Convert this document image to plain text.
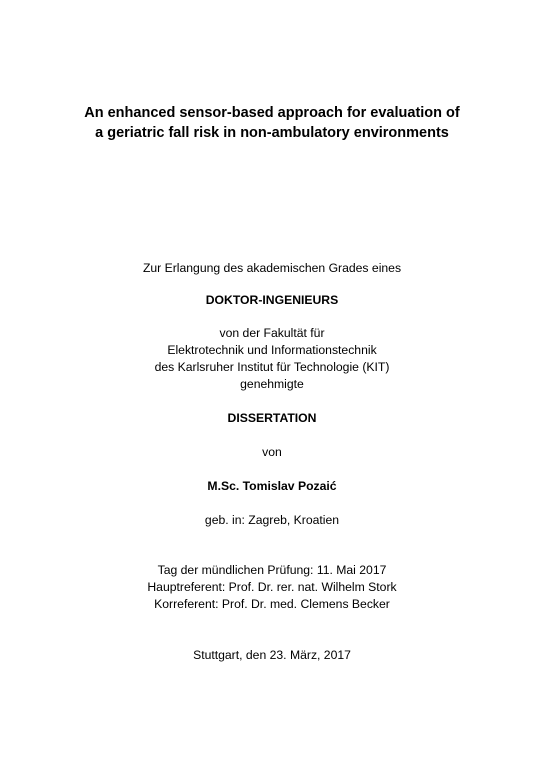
An enhanced sensor-based approach for evaluation of
a geriatric fall risk in non-ambulatory environments
Zur Erlangung des akademischen Grades eines
DOKTOR-INGENIEURS
von der Fakultät für
Elektrotechnik und Informationstechnik
des Karlsruher Institut für Technologie (KIT)
genehmigte
DISSERTATION
von
M.Sc. Tomislav Pozaić
geb. in: Zagreb, Kroatien
Tag der mündlichen Prüfung: 11. Mai 2017
Hauptreferent: Prof. Dr. rer. nat. Wilhelm Stork
Korreferent: Prof. Dr. med. Clemens Becker
Stuttgart, den 23. März, 2017
